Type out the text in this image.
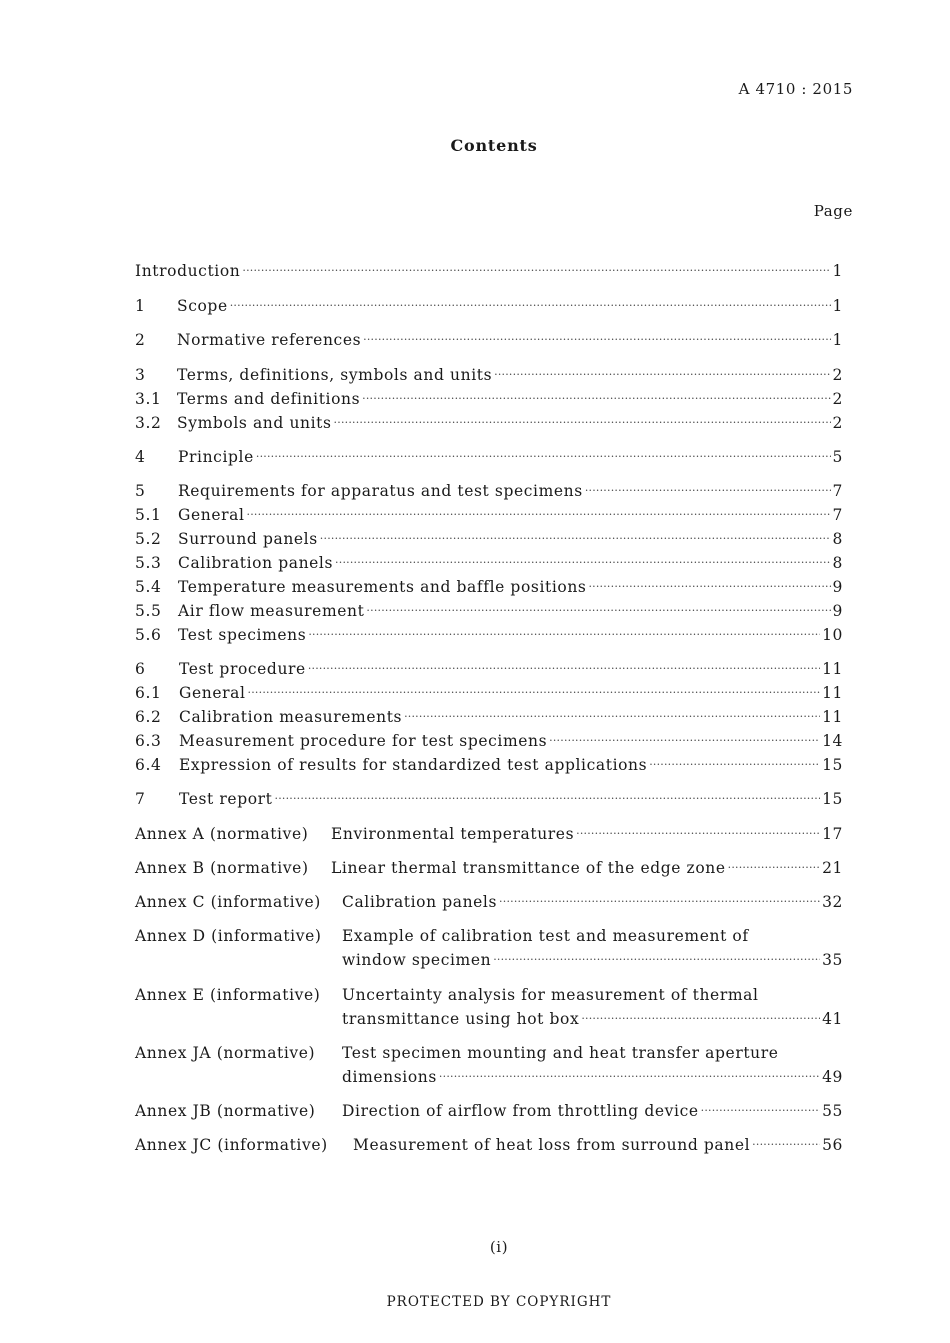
A 4710 : 2015
Contents
Page
Introduction ·····	1
1	Scope ·····	1
2	Normative references ·····	1
3	Terms, definitions, symbols and units ·····	2
3.1	Terms and definitions ·····	2
3.2	Symbols and units ·····	2
4	Principle ·····	5
5	Requirements for apparatus and test specimens ·····	7
5.1	General ·····	7
5.2	Surround panels ·····	8
5.3	Calibration panels ·····	8
5.4	Temperature measurements and baffle positions ·····	9
5.5	Air flow measurement ·····	9
5.6	Test specimens ·····	10
6	Test procedure ·····	11
6.1	General ·····	11
6.2	Calibration measurements ·····	11
6.3	Measurement procedure for test specimens ·····	14
6.4	Expression of results for standardized test applications ·····	15
7	Test report ·····	15
Annex A (normative)	Environmental temperatures ·····	17
Annex B (normative)	Linear thermal transmittance of the edge zone ·····	21
Annex C (informative)	Calibration panels ·····	32
Annex D (informative) Example of calibration test and measurement of
window specimen ·····	35
Annex E (informative) Uncertainty analysis for measurement of thermal
transmittance using hot box ·····	41
Annex JA (normative) Test specimen mounting and heat transfer aperture
dimensions ·····	49
Annex JB (normative)	Direction of airflow from throttling device ·····	55
Annex JC (informative)	Measurement of heat loss from surround panel ·····	56
(i)
PROTECTED BY COPYRIGHT
